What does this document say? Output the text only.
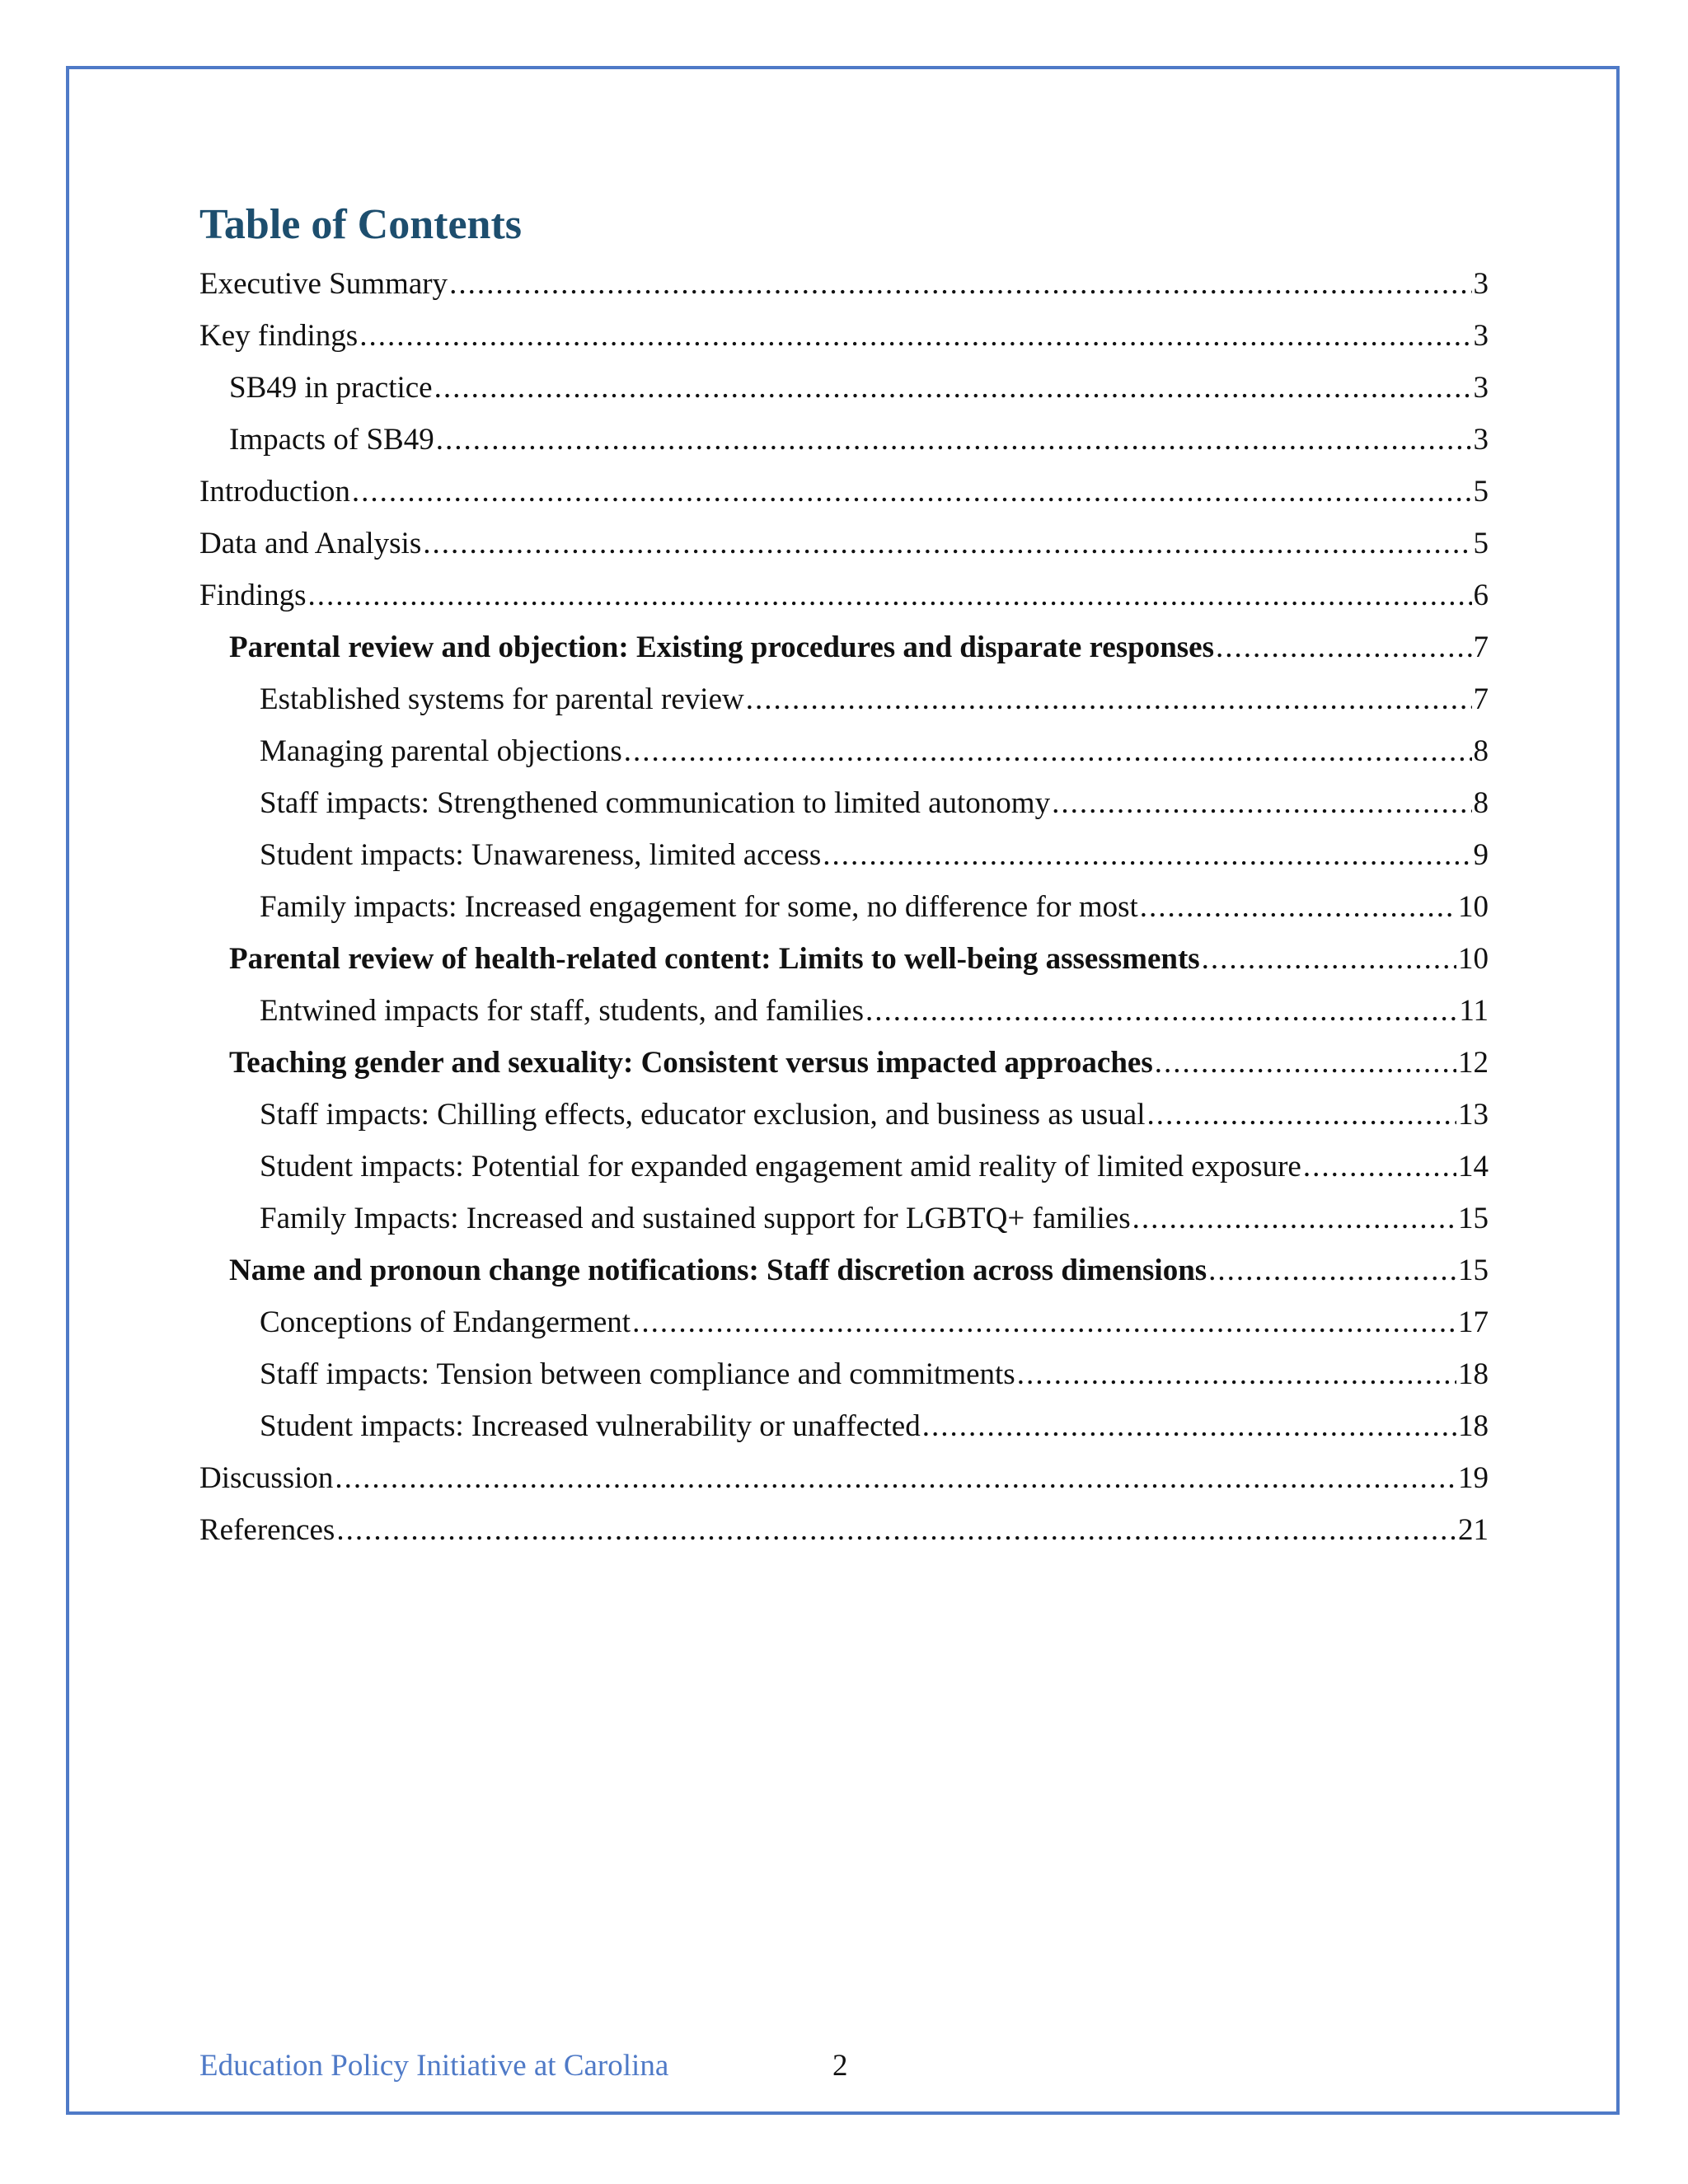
Table of Contents
Executive Summary .....	3
Key findings .....	3
SB49 in practice .....	3
Impacts of SB49 .....	3
Introduction .....	5
Data and Analysis .....	5
Findings .....	6
Parental review and objection: Existing procedures and disparate responses .....	7
Established systems for parental review .....	7
Managing parental objections .....	8
Staff impacts: Strengthened communication to limited autonomy .....	8
Student impacts: Unawareness, limited access .....	9
Family impacts: Increased engagement for some, no difference for most .....	10
Parental review of health-related content: Limits to well-being assessments .....	10
Entwined impacts for staff, students, and families .....	11
Teaching gender and sexuality: Consistent versus impacted approaches .....	12
Staff impacts: Chilling effects, educator exclusion, and business as usual .....	13
Student impacts: Potential for expanded engagement amid reality of limited exposure .....	14
Family Impacts: Increased and sustained support for LGBTQ+ families .....	15
Name and pronoun change notifications: Staff discretion across dimensions .....	15
Conceptions of Endangerment .....	17
Staff impacts: Tension between compliance and commitments .....	18
Student impacts: Increased vulnerability or unaffected .....	18
Discussion .....	19
References .....	21
Education Policy Initiative at Carolina	2
